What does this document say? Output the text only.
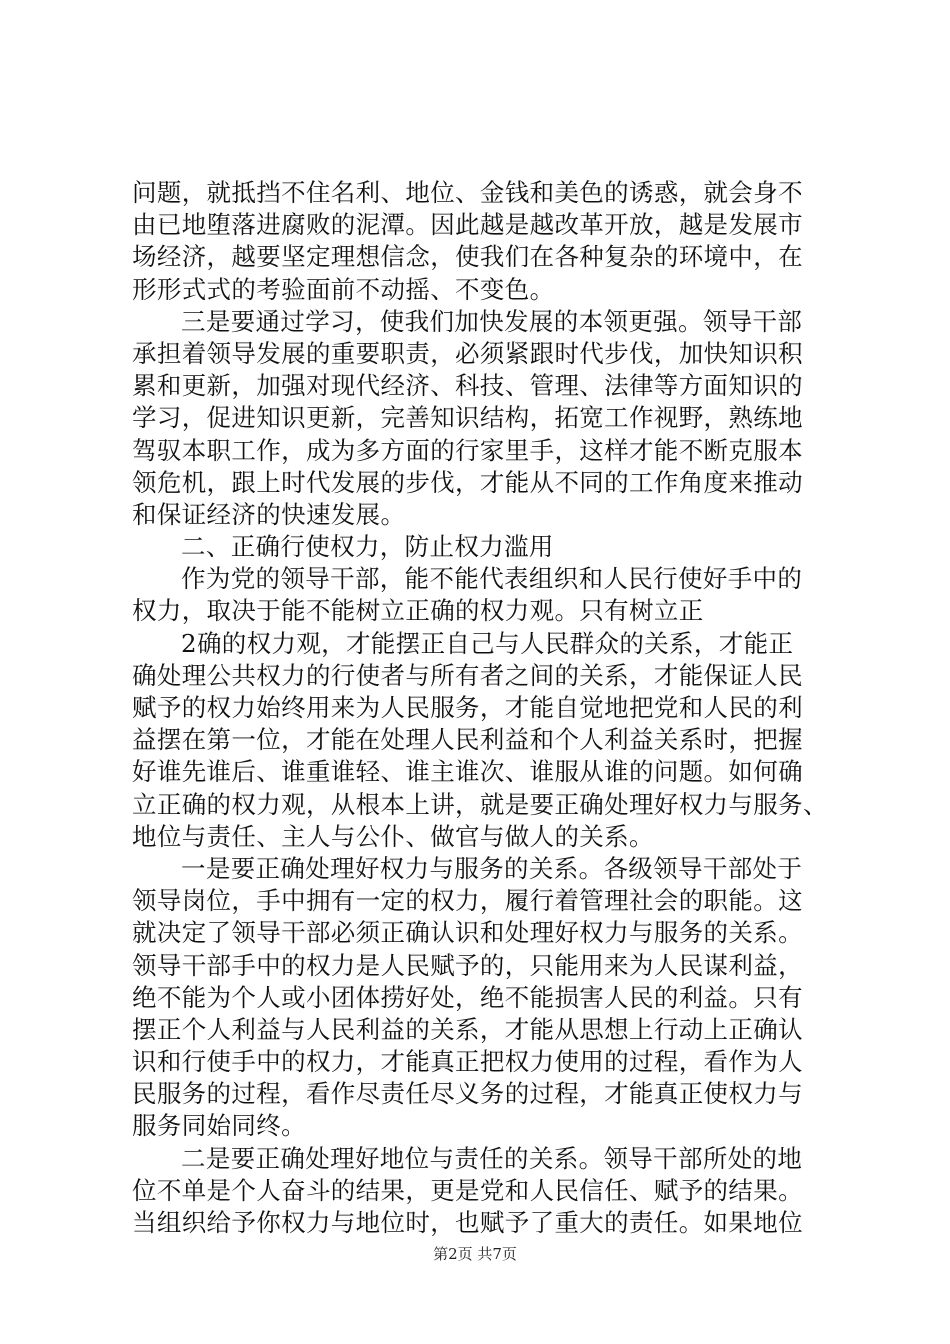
问题，就抵挡不住名利、地位、金钱和美色的诱惑，就会身不
由已地堕落进腐败的泥潭。因此越是越改革开放，越是发展市
场经济，越要坚定理想信念，使我们在各种复杂的环境中，在
形形式式的考验面前不动摇、不变色。
三是要通过学习，使我们加快发展的本领更强。领导干部
承担着领导发展的重要职责，必须紧跟时代步伐，加快知识积
累和更新，加强对现代经济、科技、管理、法律等方面知识的
学习，促进知识更新，完善知识结构，拓宽工作视野，熟练地
驾驭本职工作，成为多方面的行家里手，这样才能不断克服本
领危机，跟上时代发展的步伐，才能从不同的工作角度来推动
和保证经济的快速发展。
二、正确行使权力，防止权力滥用
作为党的领导干部，能不能代表组织和人民行使好手中的
权力，取决于能不能树立正确的权力观。只有树立正
2确的权力观，才能摆正自己与人民群众的关系，才能正
确处理公共权力的行使者与所有者之间的关系，才能保证人民
赋予的权力始终用来为人民服务，才能自觉地把党和人民的利
益摆在第一位，才能在处理人民利益和个人利益关系时，把握
好谁先谁后、谁重谁轻、谁主谁次、谁服从谁的问题。如何确
立正确的权力观，从根本上讲，就是要正确处理好权力与服务、
地位与责任、主人与公仆、做官与做人的关系。
一是要正确处理好权力与服务的关系。各级领导干部处于
领导岗位，手中拥有一定的权力，履行着管理社会的职能。这
就决定了领导干部必须正确认识和处理好权力与服务的关系。
领导干部手中的权力是人民赋予的，只能用来为人民谋利益，
绝不能为个人或小团体捞好处，绝不能损害人民的利益。只有
摆正个人利益与人民利益的关系，才能从思想上行动上正确认
识和行使手中的权力，才能真正把权力使用的过程，看作为人
民服务的过程，看作尽责任尽义务的过程，才能真正使权力与
服务同始同终。
二是要正确处理好地位与责任的关系。领导干部所处的地
位不单是个人奋斗的结果，更是党和人民信任、赋予的结果。
当组织给予你权力与地位时，也赋予了重大的责任。如果地位
第2页 共7页
